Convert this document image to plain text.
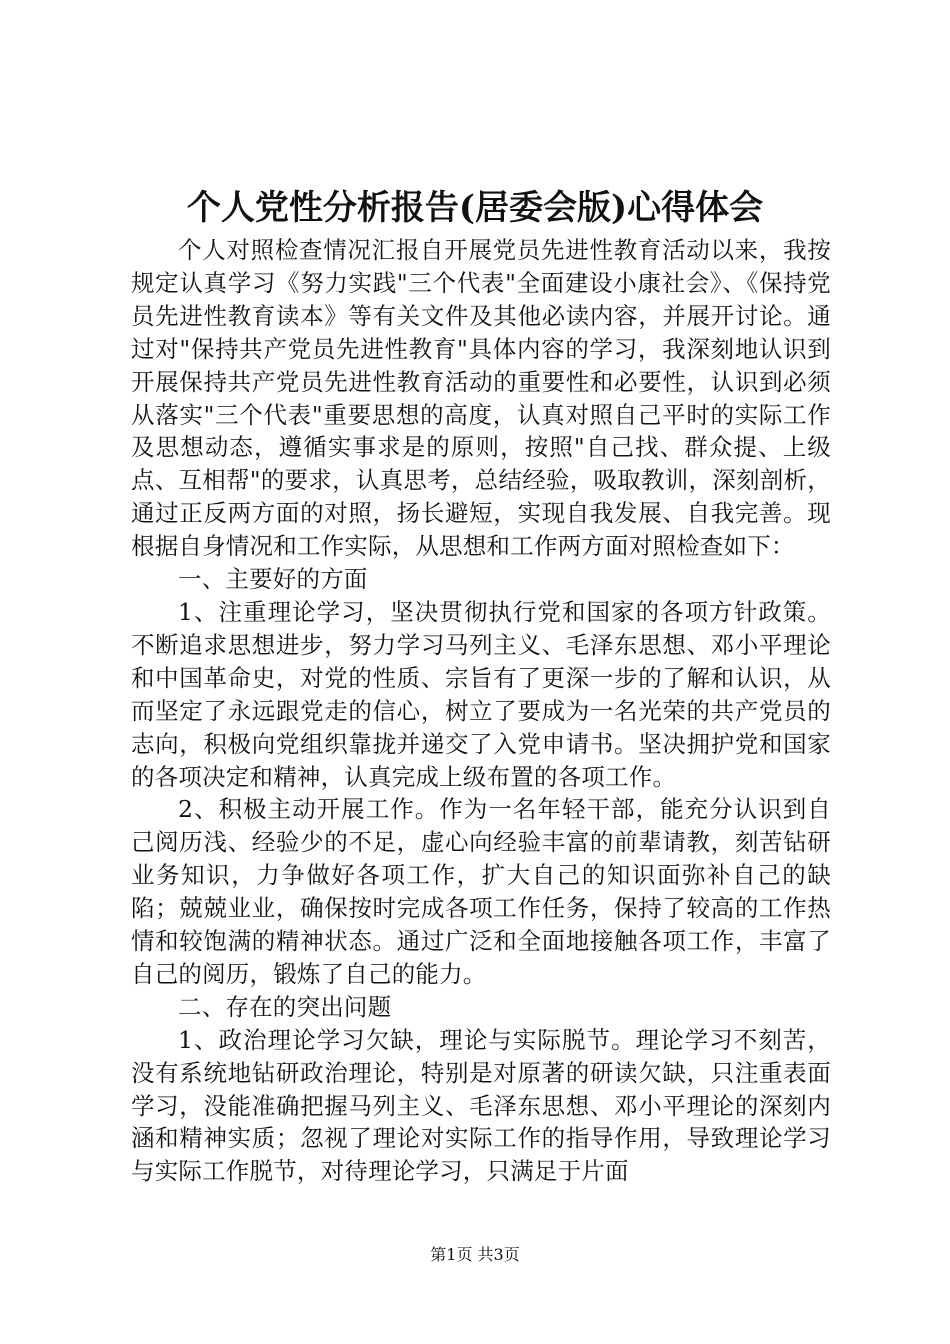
个人党性分析报告(居委会版)心得体会

个人对照检查情况汇报自开展党员先进性教育活动以来，我按规定认真学习《努力实践"三个代表"全面建设小康社会》、《保持党员先进性教育读本》等有关文件及其他必读内容，并展开讨论。通过对"保持共产党员先进性教育"具体内容的学习，我深刻地认识到开展保持共产党员先进性教育活动的重要性和必要性，认识到必须从落实"三个代表"重要思想的高度，认真对照自己平时的实际工作及思想动态，遵循实事求是的原则，按照"自己找、群众提、上级点、互相帮"的要求，认真思考，总结经验，吸取教训，深刻剖析，通过正反两方面的对照，扬长避短，实现自我发展、自我完善。现根据自身情况和工作实际，从思想和工作两方面对照检查如下：

一、主要好的方面

1、注重理论学习，坚决贯彻执行党和国家的各项方针政策。不断追求思想进步，努力学习马列主义、毛泽东思想、邓小平理论和中国革命史，对党的性质、宗旨有了更深一步的了解和认识，从而坚定了永远跟党走的信心，树立了要成为一名光荣的共产党员的志向，积极向党组织靠拢并递交了入党申请书。坚决拥护党和国家的各项决定和精神，认真完成上级布置的各项工作。

2、积极主动开展工作。作为一名年轻干部，能充分认识到自己阅历浅、经验少的不足，虚心向经验丰富的前辈请教，刻苦钻研业务知识，力争做好各项工作，扩大自己的知识面弥补自己的缺陷；兢兢业业，确保按时完成各项工作任务，保持了较高的工作热情和较饱满的精神状态。通过广泛和全面地接触各项工作，丰富了自己的阅历，锻炼了自己的能力。

二、存在的突出问题

1、政治理论学习欠缺，理论与实际脱节。理论学习不刻苦，没有系统地钻研政治理论，特别是对原著的研读欠缺，只注重表面学习，没能准确把握马列主义、毛泽东思想、邓小平理论的深刻内涵和精神实质；忽视了理论对实际工作的指导作用，导致理论学习与实际工作脱节，对待理论学习，只满足于片面

第1页 共3页
